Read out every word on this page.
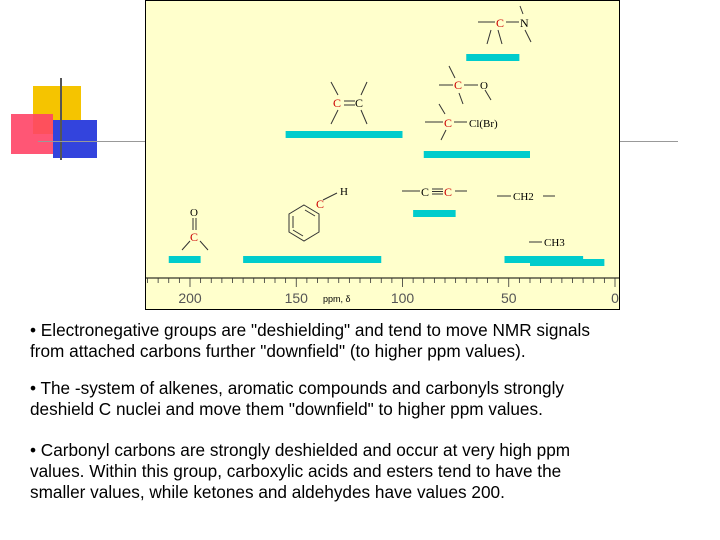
200	150	100	50	0
ppm, δ
C N
C O
C Cl(Br)
C C
O
C
C
H	C C	CH2
CH3
• Electronegative groups are "deshielding" and tend to move NMR signals
from attached carbons further "downfield" (to higher ppm values).
• The -system of alkenes, aromatic compounds and carbonyls strongly
deshield C nuclei and move them "downfield" to higher ppm values.
• Carbonyl carbons are strongly deshielded and occur at very high ppm
values. Within this group, carboxylic acids and esters tend to have the
smaller values, while ketones and aldehydes have values 200.
